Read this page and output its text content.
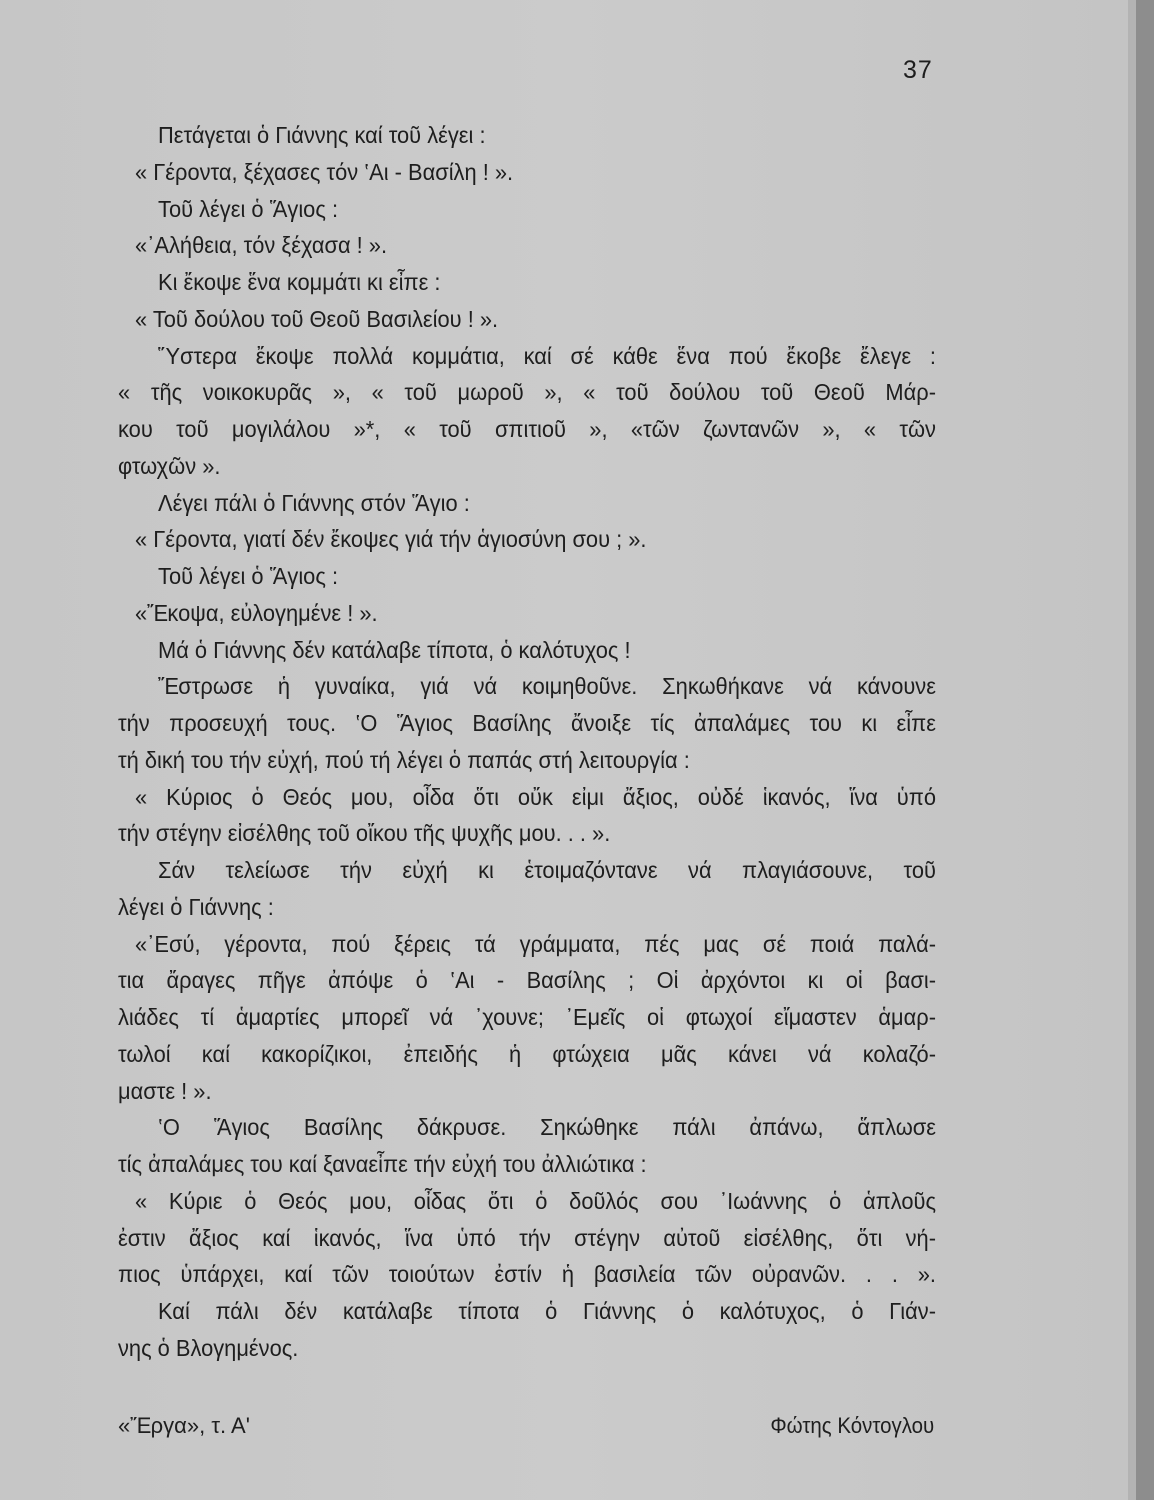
37
Πετάγεται ὁ Γιάννης καί τοῦ λέγει :
« Γέροντα, ξέχασες τόν ‛Αι - Βασίλη ! ».
Τοῦ λέγει ὁ Ἅγιος :
«᾿Αλήθεια, τόν ξέχασα ! ».
Κι ἔκοψε ἕνα κομμάτι κι εἶπε :
« Τοῦ δούλου τοῦ Θεοῦ Βασιλείου ! ».
Ὕστερα ἔκοψε πολλά κομμάτια, καί σέ κάθε ἕνα πού ἔκοβε ἔλεγε :
« τῆς νοικοκυρᾶς », « τοῦ μωροῦ », « τοῦ δούλου τοῦ Θεοῦ Μάρ-
κου τοῦ μογιλάλου »*, « τοῦ σπιτιοῦ », «τῶν ζωντανῶν », « τῶν
φτωχῶν ».
Λέγει πάλι ὁ Γιάννης στόν Ἅγιο :
« Γέροντα, γιατί δέν ἔκοψες γιά τήν ἁγιοσύνη σου ; ».
Τοῦ λέγει ὁ Ἅγιος :
«Ἔκοψα, εὐλογημένε ! ».
Μά ὁ Γιάννης δέν κατάλαβε τίποτα, ὁ καλότυχος !
Ἔστρωσε ἡ γυναίκα, γιά νά κοιμηθοῦνε. Σηκωθήκανε νά κάνουνε
τήν προσευχή τους. ‛Ο Ἅγιος Βασίλης ἄνοιξε τίς ἀπαλάμες του κι εἶπε
τή δική του τήν εὐχή, πού τή λέγει ὁ παπάς στή λειτουργία :
« Κύριος ὁ Θεός μου, οἶδα ὅτι οὔκ εἰμι ἄξιος, οὐδέ ἱκανός, ἵνα ὑπό
τήν στέγην εἰσέλθης τοῦ οἴκου τῆς ψυχῆς μου. . . ».
Σάν τελείωσε τήν εὐχή κι ἑτοιμαζόντανε νά πλαγιάσουνε, τοῦ
λέγει ὁ Γιάννης :
«᾿Εσύ, γέροντα, πού ξέρεις τά γράμματα, πές μας σέ ποιά παλά-
τια ἄραγες πῆγε ἀπόψε ὁ ‛Αι - Βασίλης ; Οἱ ἀρχόντοι κι οἱ βασι-
λιάδες τί ἁμαρτίες μπορεῖ νά ᾿χουνε; ᾿Εμεῖς οἱ φτωχοί εἴμαστεν ἁμαρ-
τωλοί καί κακορίζικοι, ἐπειδής ἡ φτώχεια μᾶς κάνει νά κολαζό-
μαστε ! ».
‛Ο Ἅγιος Βασίλης δάκρυσε. Σηκώθηκε πάλι ἀπάνω, ἅπλωσε
τίς ἀπαλάμες του καί ξαναεἶπε τήν εὐχή του ἀλλιώτικα :
« Κύριε ὁ Θεός μου, οἶδας ὅτι ὁ δοῦλός σου ᾿Ιωάννης ὁ ἁπλοῦς
ἐστιν ἄξιος καί ἱκανός, ἵνα ὑπό τήν στέγην αὐτοῦ εἰσέλθης, ὅτι νή-
πιος ὑπάρχει, καί τῶν τοιούτων ἐστίν ἡ βασιλεία τῶν οὐρανῶν. . . ».
Καί πάλι δέν κατάλαβε τίποτα ὁ Γιάννης ὁ καλότυχος, ὁ Γιάν-
νης ὁ Βλογημένος.
«Ἔργα», τ. Α'	Φώτης Κόντογλου
